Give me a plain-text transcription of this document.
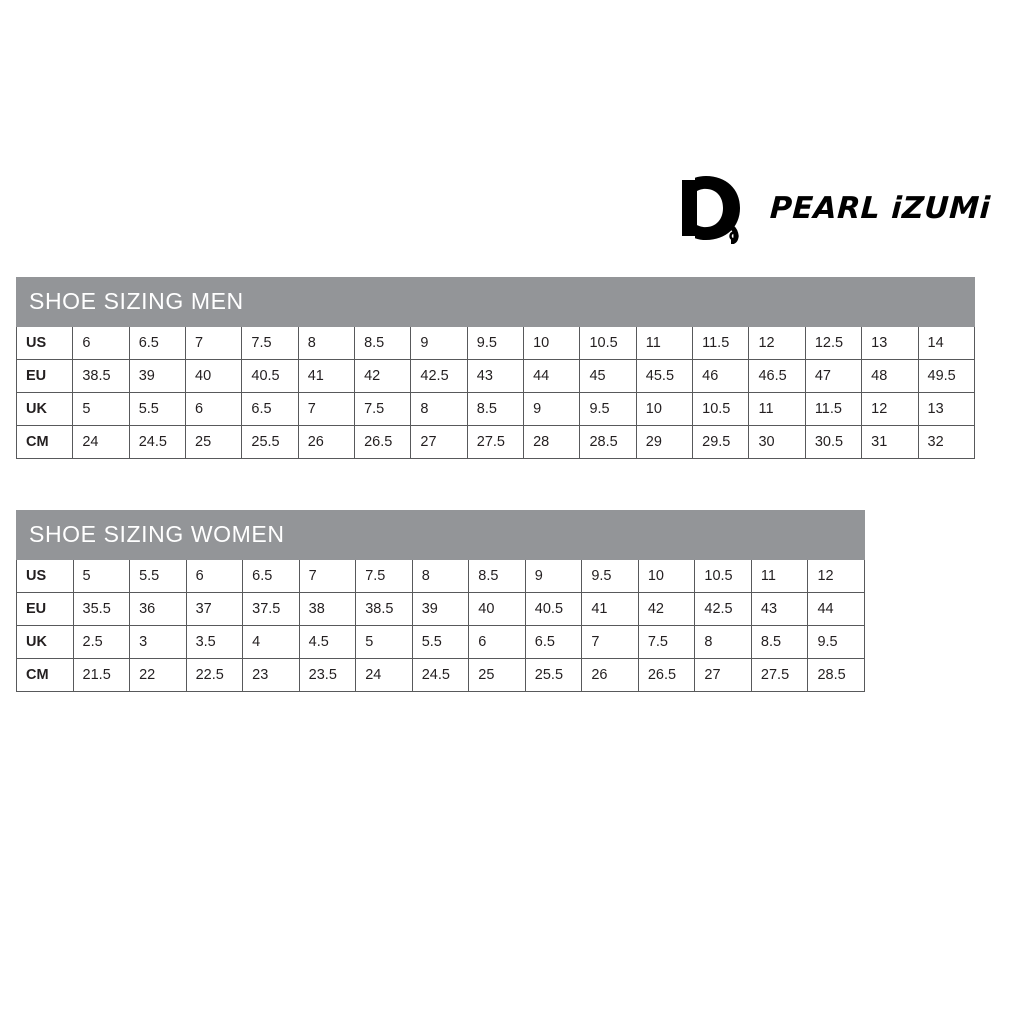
PEARL iZUMi
SHOE SIZING MEN																
US	6	6.5	7	7.5	8	8.5	9	9.5	10	10.5	11	11.5	12	12.5	13	14
EU	38.5	39	40	40.5	41	42	42.5	43	44	45	45.5	46	46.5	47	48	49.5
UK	5	5.5	6	6.5	7	7.5	8	8.5	9	9.5	10	10.5	11	11.5	12	13
CM	24	24.5	25	25.5	26	26.5	27	27.5	28	28.5	29	29.5	30	30.5	31	32
SHOE SIZING WOMEN														
US	5	5.5	6	6.5	7	7.5	8	8.5	9	9.5	10	10.5	11	12
EU	35.5	36	37	37.5	38	38.5	39	40	40.5	41	42	42.5	43	44
UK	2.5	3	3.5	4	4.5	5	5.5	6	6.5	7	7.5	8	8.5	9.5
CM	21.5	22	22.5	23	23.5	24	24.5	25	25.5	26	26.5	27	27.5	28.5
